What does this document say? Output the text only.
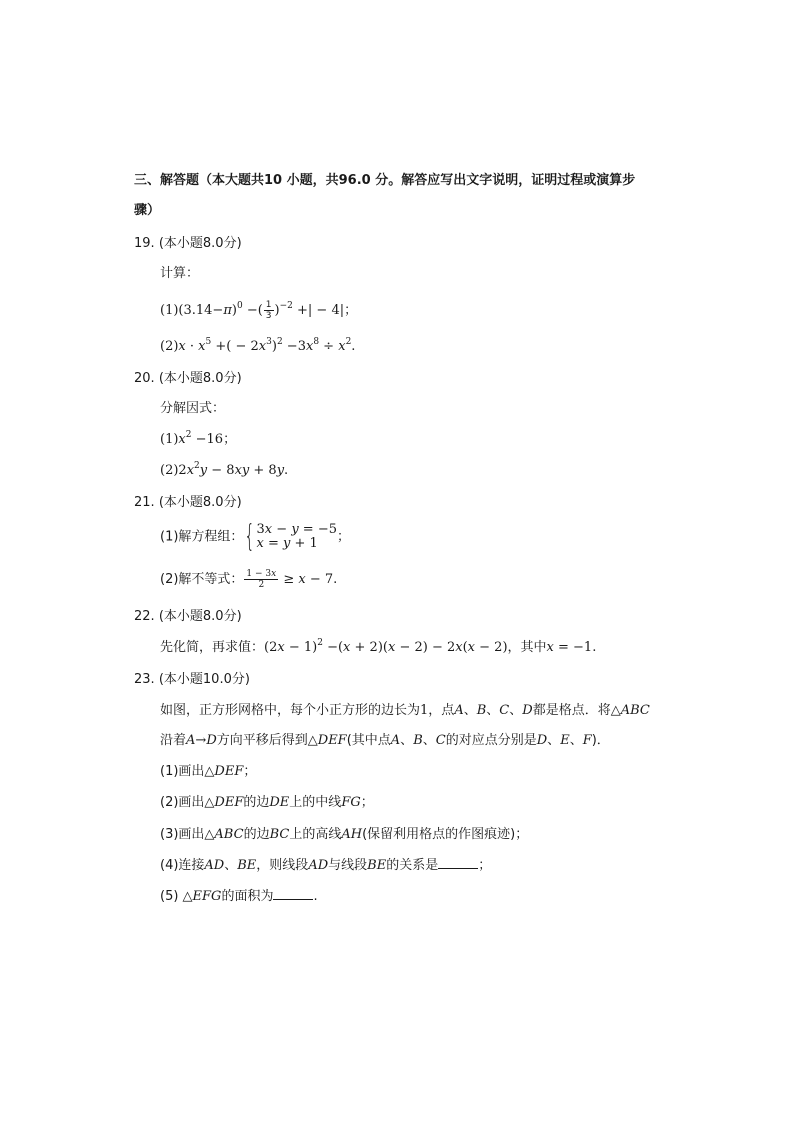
三、解答题（本大题共10 小题，共96.0 分。解答应写出文字说明，证明过程或演算步
骤）
19. (本小题8.0分)
计算：
$(1)(3.14-\pi)^0$ −( $\frac{1}{3} )^{-2}$ +| − 4|；
$(2)x \cdot x^5$ +( − $2x^3)^2 -3x^8 \div x^2$.
20. (本小题8.0分)
分解因式：
$(1)x^2 -16$；
$(2)2x^2y - 8xy + 8y$.
21. (本小题8.0分)
(1)解方程组：{ 3x − y = −5
x = y + 1	；
(2)解不等式： $\frac{1 - 3x}{2} \ge x - 7$.
22. (本小题8.0分)
先化简，再求值：$(2x - 1)^2 -(x + 2)(x - 2) - 2x(x - 2)$，其中x = −1.
23. (本小题10.0分)
如图，正方形网格中，每个小正方形的边长为1，点A、B、C、D都是格点．将△ABC
沿着A→D方向平移后得到△DEF(其中点A、B、C的对应点分别是D、E、F)．
(1)画出△DEF；
(2)画出△DEF的边DE上的中线FG；
(3)画出△ABC的边BC上的高线AH(保留利用格点的作图痕迹)；
(4)连接AD、BE，则线段AD与线段BE的关系是	；
(5) △EFG的面积为	.
